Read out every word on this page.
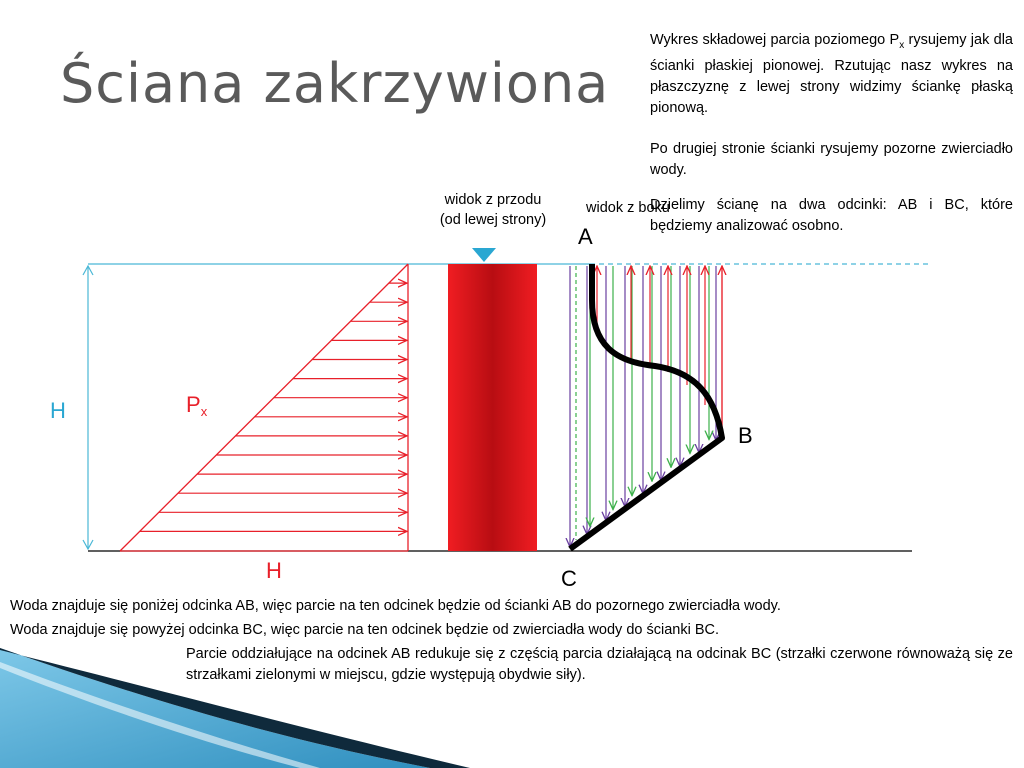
Ściana zakrzywiona
Wykres składowej parcia poziomego $P_x$ rysujemy jak dla ścianki płaskiej pionowej. Rzutując nasz wykres na płaszczyznę z lewej strony widzimy ściankę płaską pionową.
Po drugiej stronie ścianki rysujemy pozorne zwierciadło wody.
widok z przodu
(od lewej strony)
widok z boku
A
B
C
H
H
Px
Dzielimy ścianę na dwa odcinki: AB i BC, które będziemy analizować osobno.
Woda znajduje się poniżej odcinka AB, więc parcie na ten odcinek będzie od ścianki AB do pozornego zwierciadła wody.
Woda znajduje się powyżej odcinka BC, więc parcie na ten odcinek będzie od zwierciadła wody do ścianki BC.
Parcie oddziałujące na odcinek AB redukuje się z częścią parcia działającą na odcinak BC (strzałki czerwone równoważą się ze strzałkami zielonymi w miejscu, gdzie występują obydwie siły).
